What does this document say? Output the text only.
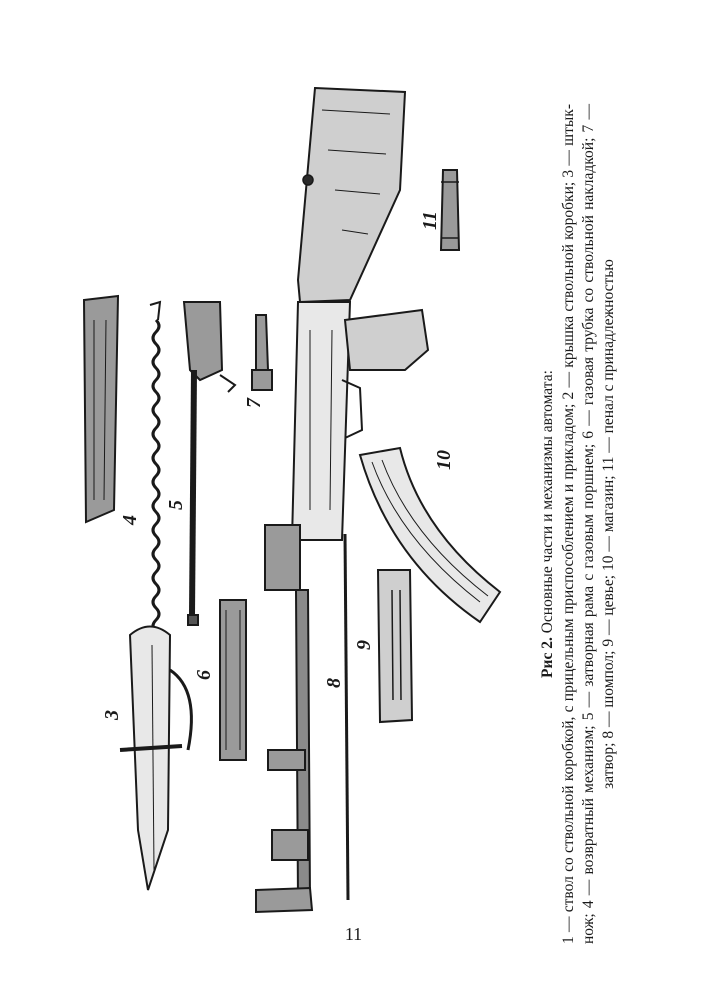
4
5
7
11
10
6
3
9
8
Рис 2. Основные части и механизмы автомата: 1 — ствол со ствольной коробкой, с прицельным приспособлением и прикладом; 2 — крышка ствольной коробки; 3 — штык-нож; 4 — возвратный механизм; 5 — затворная рама с газовым поршнем; 6 — газовая трубка со ствольной накладкой; 7 — затвор; 8 — шомпол; 9 — цевье; 10 — магазин; 11 — пенал с принадлежностью
11
